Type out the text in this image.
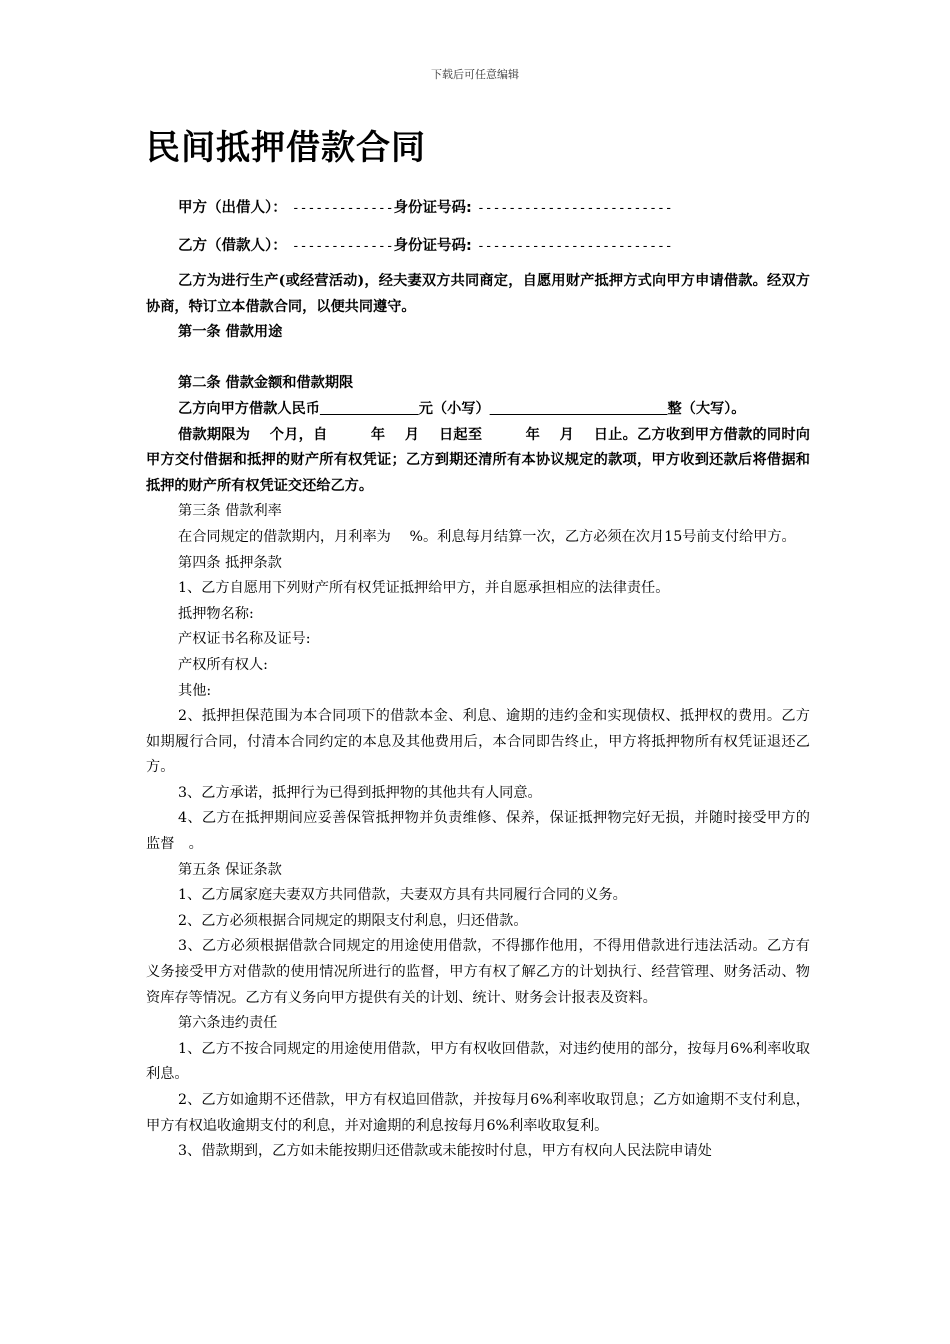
下载后可任意编辑
民间抵押借款合同
甲方（出借人）： -------------身份证号码: -------------------------
乙方（借款人）： -------------身份证号码: -------------------------

乙方为进行生产(或经营活动)，经夫妻双方共同商定，自愿用财产抵押方式向甲方申请借款。经双方协商，特订立本借款合同，以便共同遵守。

第一条 借款用途

第二条 借款金额和借款期限

乙方向甲方借款人民币	元（小写）	整（大写）。

借款期限为　 个月，自　　　年　 月　 日起至　　　年　 月　 日止。乙方收到甲方借款的同时向甲方交付借据和抵押的财产所有权凭证；乙方到期还清所有本协议规定的款项，甲方收到还款后将借据和抵押的财产所有权凭证交还给乙方。

第三条 借款利率

在合同规定的借款期内，月利率为　 %。利息每月结算一次，乙方必须在次月15号前支付给甲方。

第四条 抵押条款

1、乙方自愿用下列财产所有权凭证抵押给甲方，并自愿承担相应的法律责任。

抵押物名称:

产权证书名称及证号:

产权所有权人:

其他:

2、抵押担保范围为本合同项下的借款本金、利息、逾期的违约金和实现债权、抵押权的费用。乙方如期履行合同，付清本合同约定的本息及其他费用后，本合同即告终止，甲方将抵押物所有权凭证退还乙方。

3、乙方承诺，抵押行为已得到抵押物的其他共有人同意。

4、乙方在抵押期间应妥善保管抵押物并负责维修、保养，保证抵押物完好无损，并随时接受甲方的监督　。

第五条 保证条款

1、乙方属家庭夫妻双方共同借款，夫妻双方具有共同履行合同的义务。

2、乙方必须根据合同规定的期限支付利息，归还借款。

3、乙方必须根据借款合同规定的用途使用借款，不得挪作他用，不得用借款进行违法活动。乙方有义务接受甲方对借款的使用情况所进行的监督，甲方有权了解乙方的计划执行、经营管理、财务活动、物资库存等情况。乙方有义务向甲方提供有关的计划、统计、财务会计报表及资料。

第六条违约责任

1、乙方不按合同规定的用途使用借款，甲方有权收回借款，对违约使用的部分，按每月6%利率收取利息。

2、乙方如逾期不还借款，甲方有权追回借款，并按每月6%利率收取罚息；乙方如逾期不支付利息，甲方有权追收逾期支付的利息，并对逾期的利息按每月6%利率收取复利。

3、借款期到，乙方如未能按期归还借款或未能按时付息，甲方有权向人民法院申请处
